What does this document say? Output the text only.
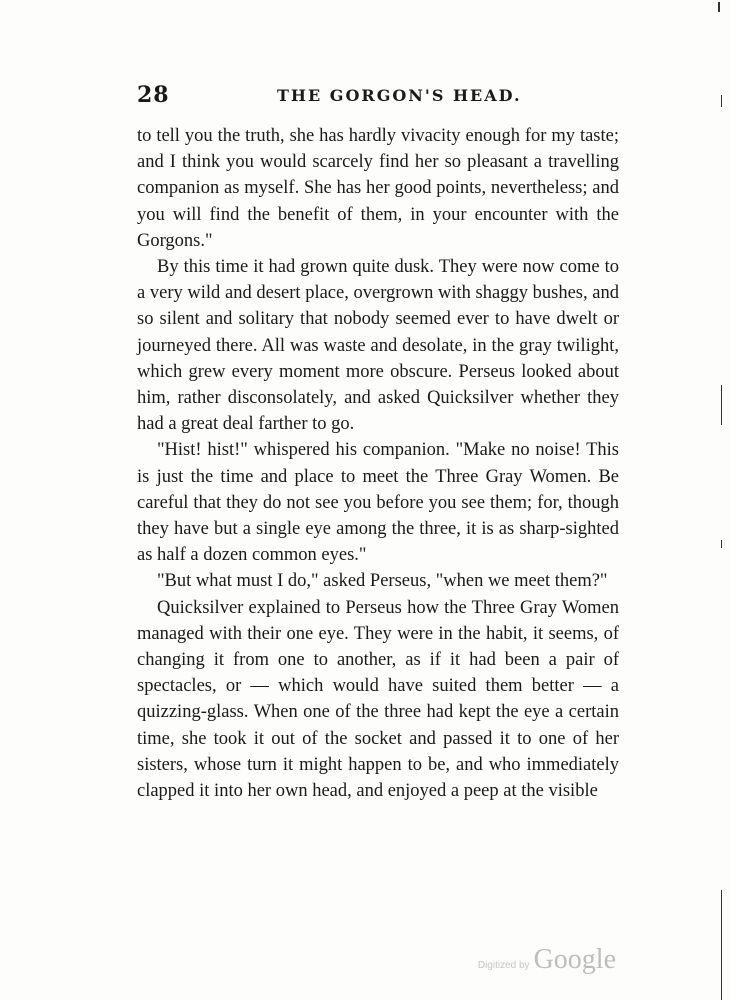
28	THE GORGON'S HEAD.

to tell you the truth, she has hardly vivacity enough for my taste; and I think you would scarcely find her so pleasant a travelling companion as myself. She has her good points, nevertheless; and you will find the benefit of them, in your encounter with the Gorgons."

By this time it had grown quite dusk. They were now come to a very wild and desert place, overgrown with shaggy bushes, and so silent and solitary that nobody seemed ever to have dwelt or journeyed there. All was waste and desolate, in the gray twilight, which grew every moment more obscure. Perseus looked about him, rather disconsolately, and asked Quicksilver whether they had a great deal farther to go.

"Hist! hist!" whispered his companion. "Make no noise! This is just the time and place to meet the Three Gray Women. Be careful that they do not see you before you see them; for, though they have but a single eye among the three, it is as sharp-sighted as half a dozen common eyes."

"But what must I do," asked Perseus, "when we meet them?"

Quicksilver explained to Perseus how the Three Gray Women managed with their one eye. They were in the habit, it seems, of changing it from one to another, as if it had been a pair of spectacles, or — which would have suited them better — a quizzing-glass. When one of the three had kept the eye a certain time, she took it out of the socket and passed it to one of her sisters, whose turn it might happen to be, and who immediately clapped it into her own head, and enjoyed a peep at the visible

Digitized by Google
